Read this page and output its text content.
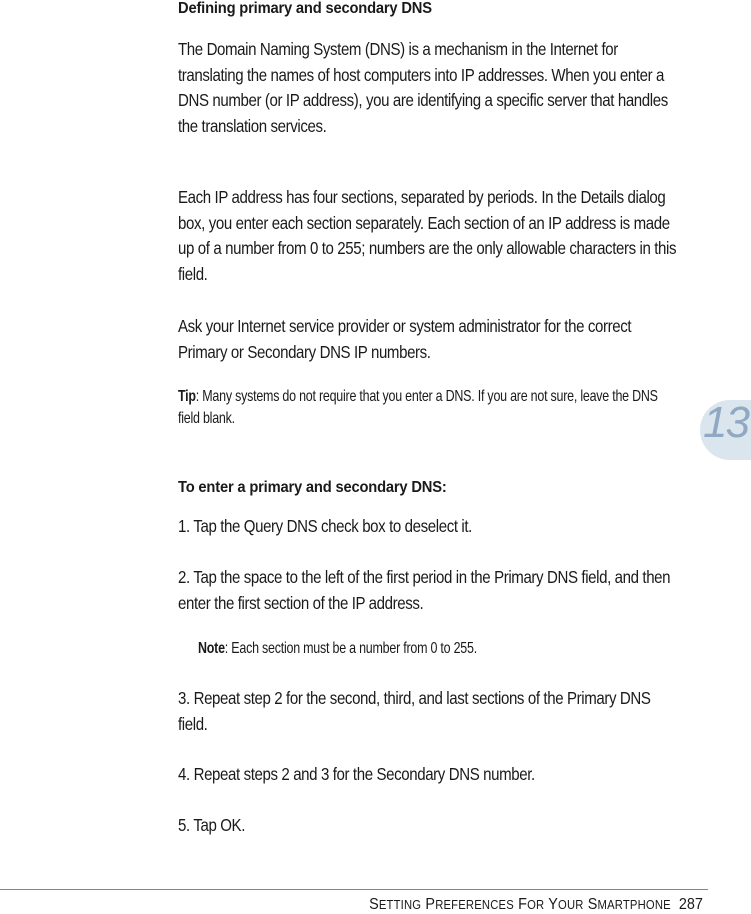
Defining primary and secondary DNS
The Domain Naming System (DNS) is a mechanism in the Internet for translating the names of host computers into IP addresses. When you enter a DNS number (or IP address), you are identifying a specific server that handles the translation services.
Each IP address has four sections, separated by periods. In the Details dialog box, you enter each section separately. Each section of an IP address is made up of a number from 0 to 255; numbers are the only allowable characters in this field.
Ask your Internet service provider or system administrator for the correct Primary or Secondary DNS IP numbers.
Tip: Many systems do not require that you enter a DNS. If you are not sure, leave the DNS field blank.
To enter a primary and secondary DNS:
1. Tap the Query DNS check box to deselect it.
2. Tap the space to the left of the first period in the Primary DNS field, and then enter the first section of the IP address.
Note: Each section must be a number from 0 to 255.
3. Repeat step 2 for the second, third, and last sections of the Primary DNS field.
4. Repeat steps 2 and 3 for the Secondary DNS number.
5. Tap OK.
13
SETTING PREFERENCES FOR YOUR SMARTPHONE 287
